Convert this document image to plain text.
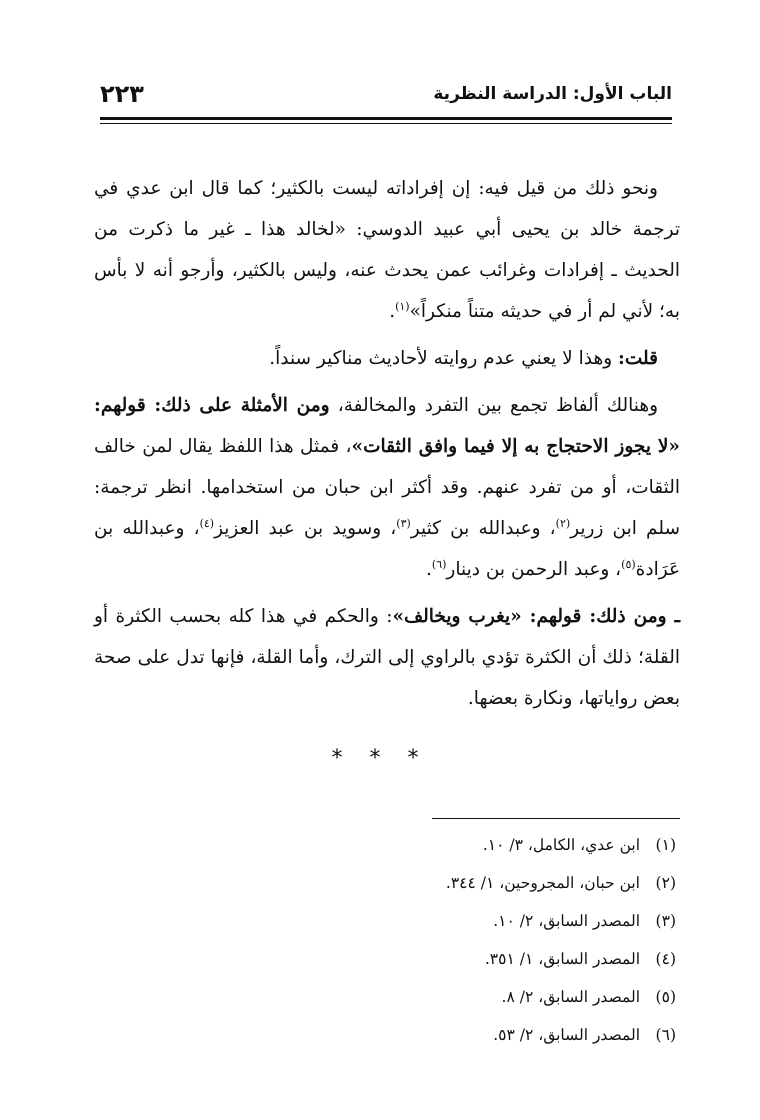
الباب الأول: الدراسة النظرية
٢٢٣

ونحو ذلك من قيل فيه: إن إفراداته ليست بالكثير؛ كما قال ابن عدي في ترجمة خالد بن يحيى أبي عبيد الدوسي: «لخالد هذا ـ غير ما ذكرت من الحديث ـ إفرادات وغرائب عمن يحدث عنه، وليس بالكثير، وأرجو أنه لا بأس به؛ لأني لم أر في حديثه متناً منكراً»$^{(١)}$.

قلت: وهذا لا يعني عدم روايته لأحاديث مناكير سنداً.

وهنالك ألفاظ تجمع بين التفرد والمخالفة، ومن الأمثلة على ذلك: قولهم: «لا يجوز الاحتجاج به إلا فيما وافق الثقات»، فمثل هذا اللفظ يقال لمن خالف الثقات، أو من تفرد عنهم. وقد أكثر ابن حبان من استخدامها. انظر ترجمة: سلم ابن زرير$^{(٢)}$، وعبدالله بن كثير$^{(٣)}$، وسويد بن عبد العزيز$^{(٤)}$، وعبدالله بن عَرَادة$^{(٥)}$، وعبد الرحمن بن دينار$^{(٦)}$.

ـ ومن ذلك: قولهم: «يغرب ويخالف»: والحكم في هذا كله بحسب الكثرة أو القلة؛ ذلك أن الكثرة تؤدي بالراوي إلى الترك، وأما القلة، فإنها تدل على صحة بعض رواياتها، ونكارة بعضها.

* * *
(١)ابن عدي، الكامل، ٣/ ١٠.
(٢)ابن حبان، المجروحين، ١/ ٣٤٤.
(٣)المصدر السابق، ٢/ ١٠.
(٤)المصدر السابق، ١/ ٣٥١.
(٥)المصدر السابق، ٢/ ٨.
(٦)المصدر السابق، ٢/ ٥٣.
